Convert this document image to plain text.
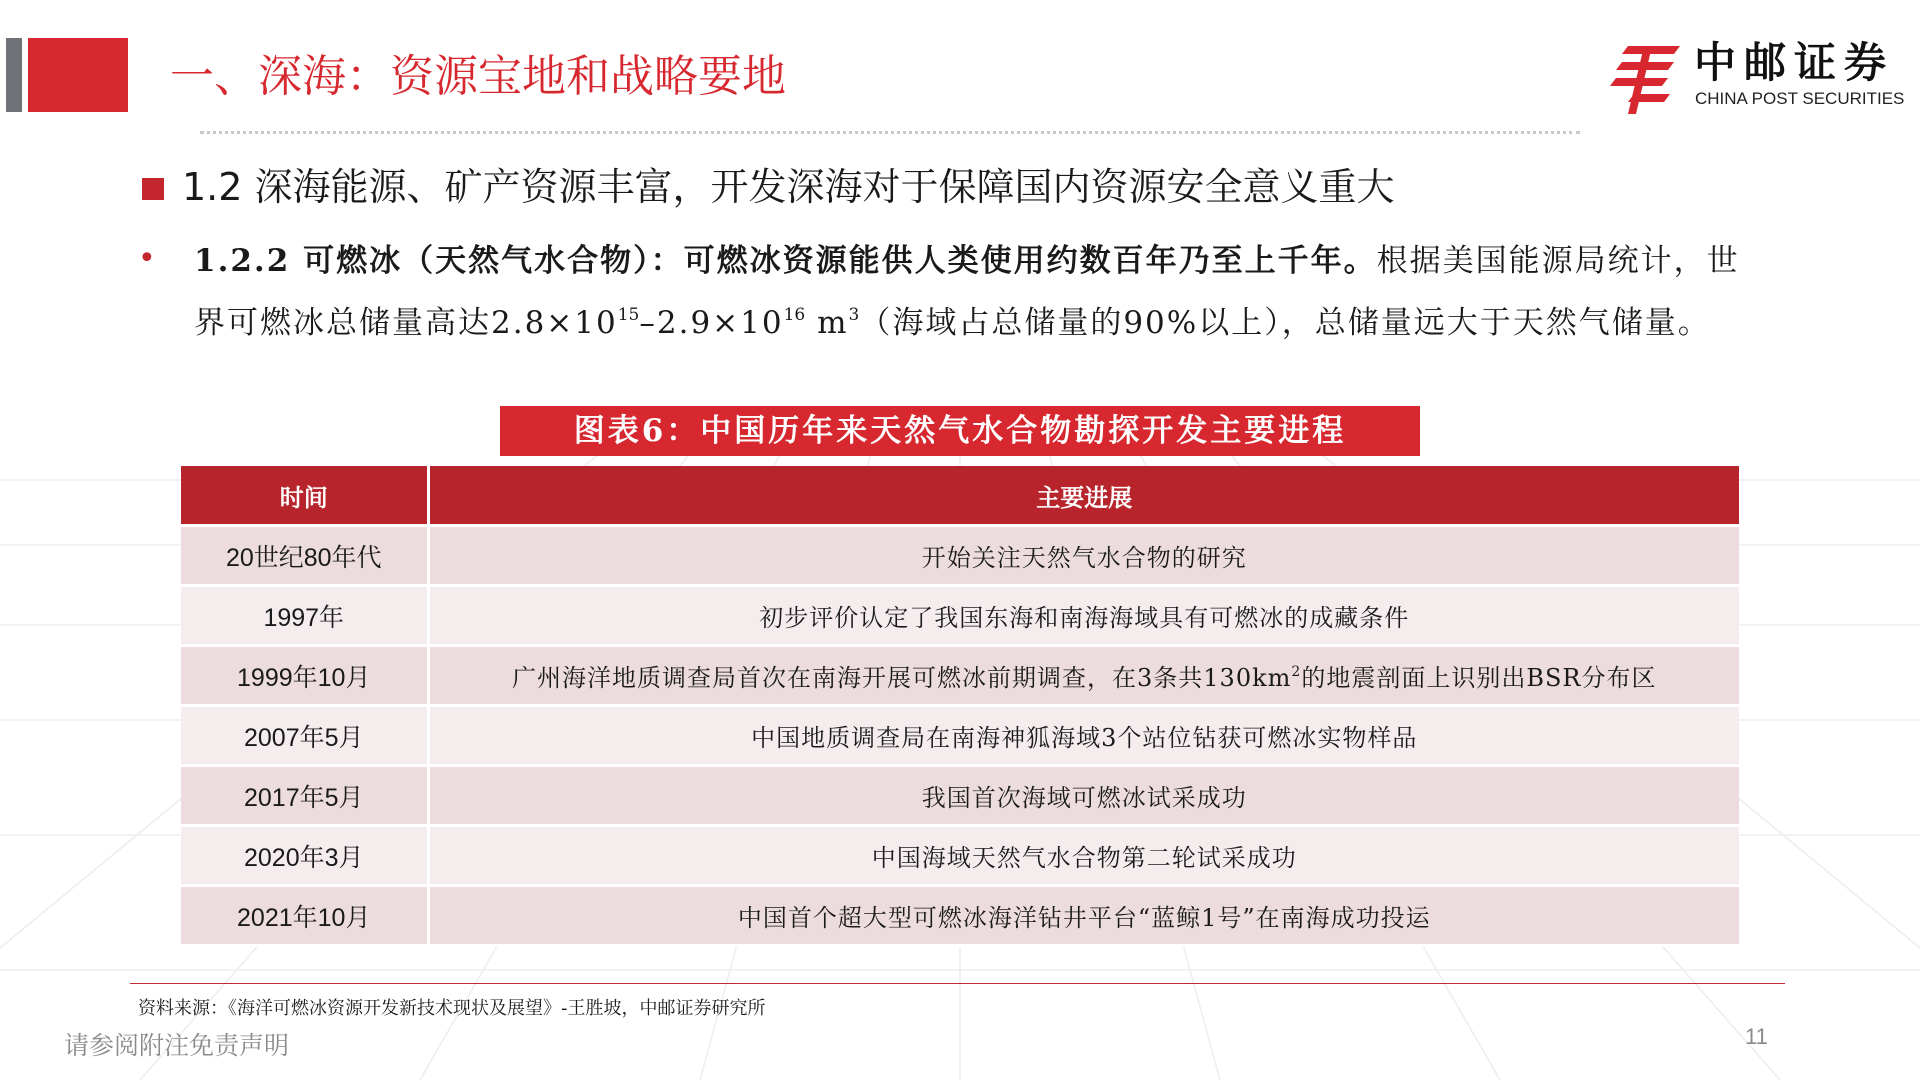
一、深海：资源宝地和战略要地	中邮证券
CHINA POST SECURITIES
1.2 深海能源、矿产资源丰富，开发深海对于保障国内资源安全意义重大
• 1.2.2 可燃冰（天然气水合物）：可燃冰资源能供人类使用约数百年乃至上千年。根据美国能源局统计，世界可燃冰总储量高达$2.8\times 10^{15}-2.9\times 10^{16}$ $m^3$（海域占总储量的90%以上），总储量远大于天然气储量。
图表6：中国历年来天然气水合物勘探开发主要进程
时间	主要进展
20世纪80年代	开始关注天然气水合物的研究
1997年	初步评价认定了我国东海和南海海域具有可燃冰的成藏条件
1999年10月	广州海洋地质调查局首次在南海开展可燃冰前期调查，在3条共$130km^2$的地震剖面上识别出BSR分布区
2007年5月	中国地质调查局在南海神狐海域3个站位钻获可燃冰实物样品
2017年5月	我国首次海域可燃冰试采成功
2020年3月	中国海域天然气水合物第二轮试采成功
2021年10月	中国首个超大型可燃冰海洋钻井平台“蓝鲸1号”在南海成功投运
资料来源：《海洋可燃冰资源开发新技术现状及展望》-王胜坡，中邮证券研究所
请参阅附注免责声明	11
